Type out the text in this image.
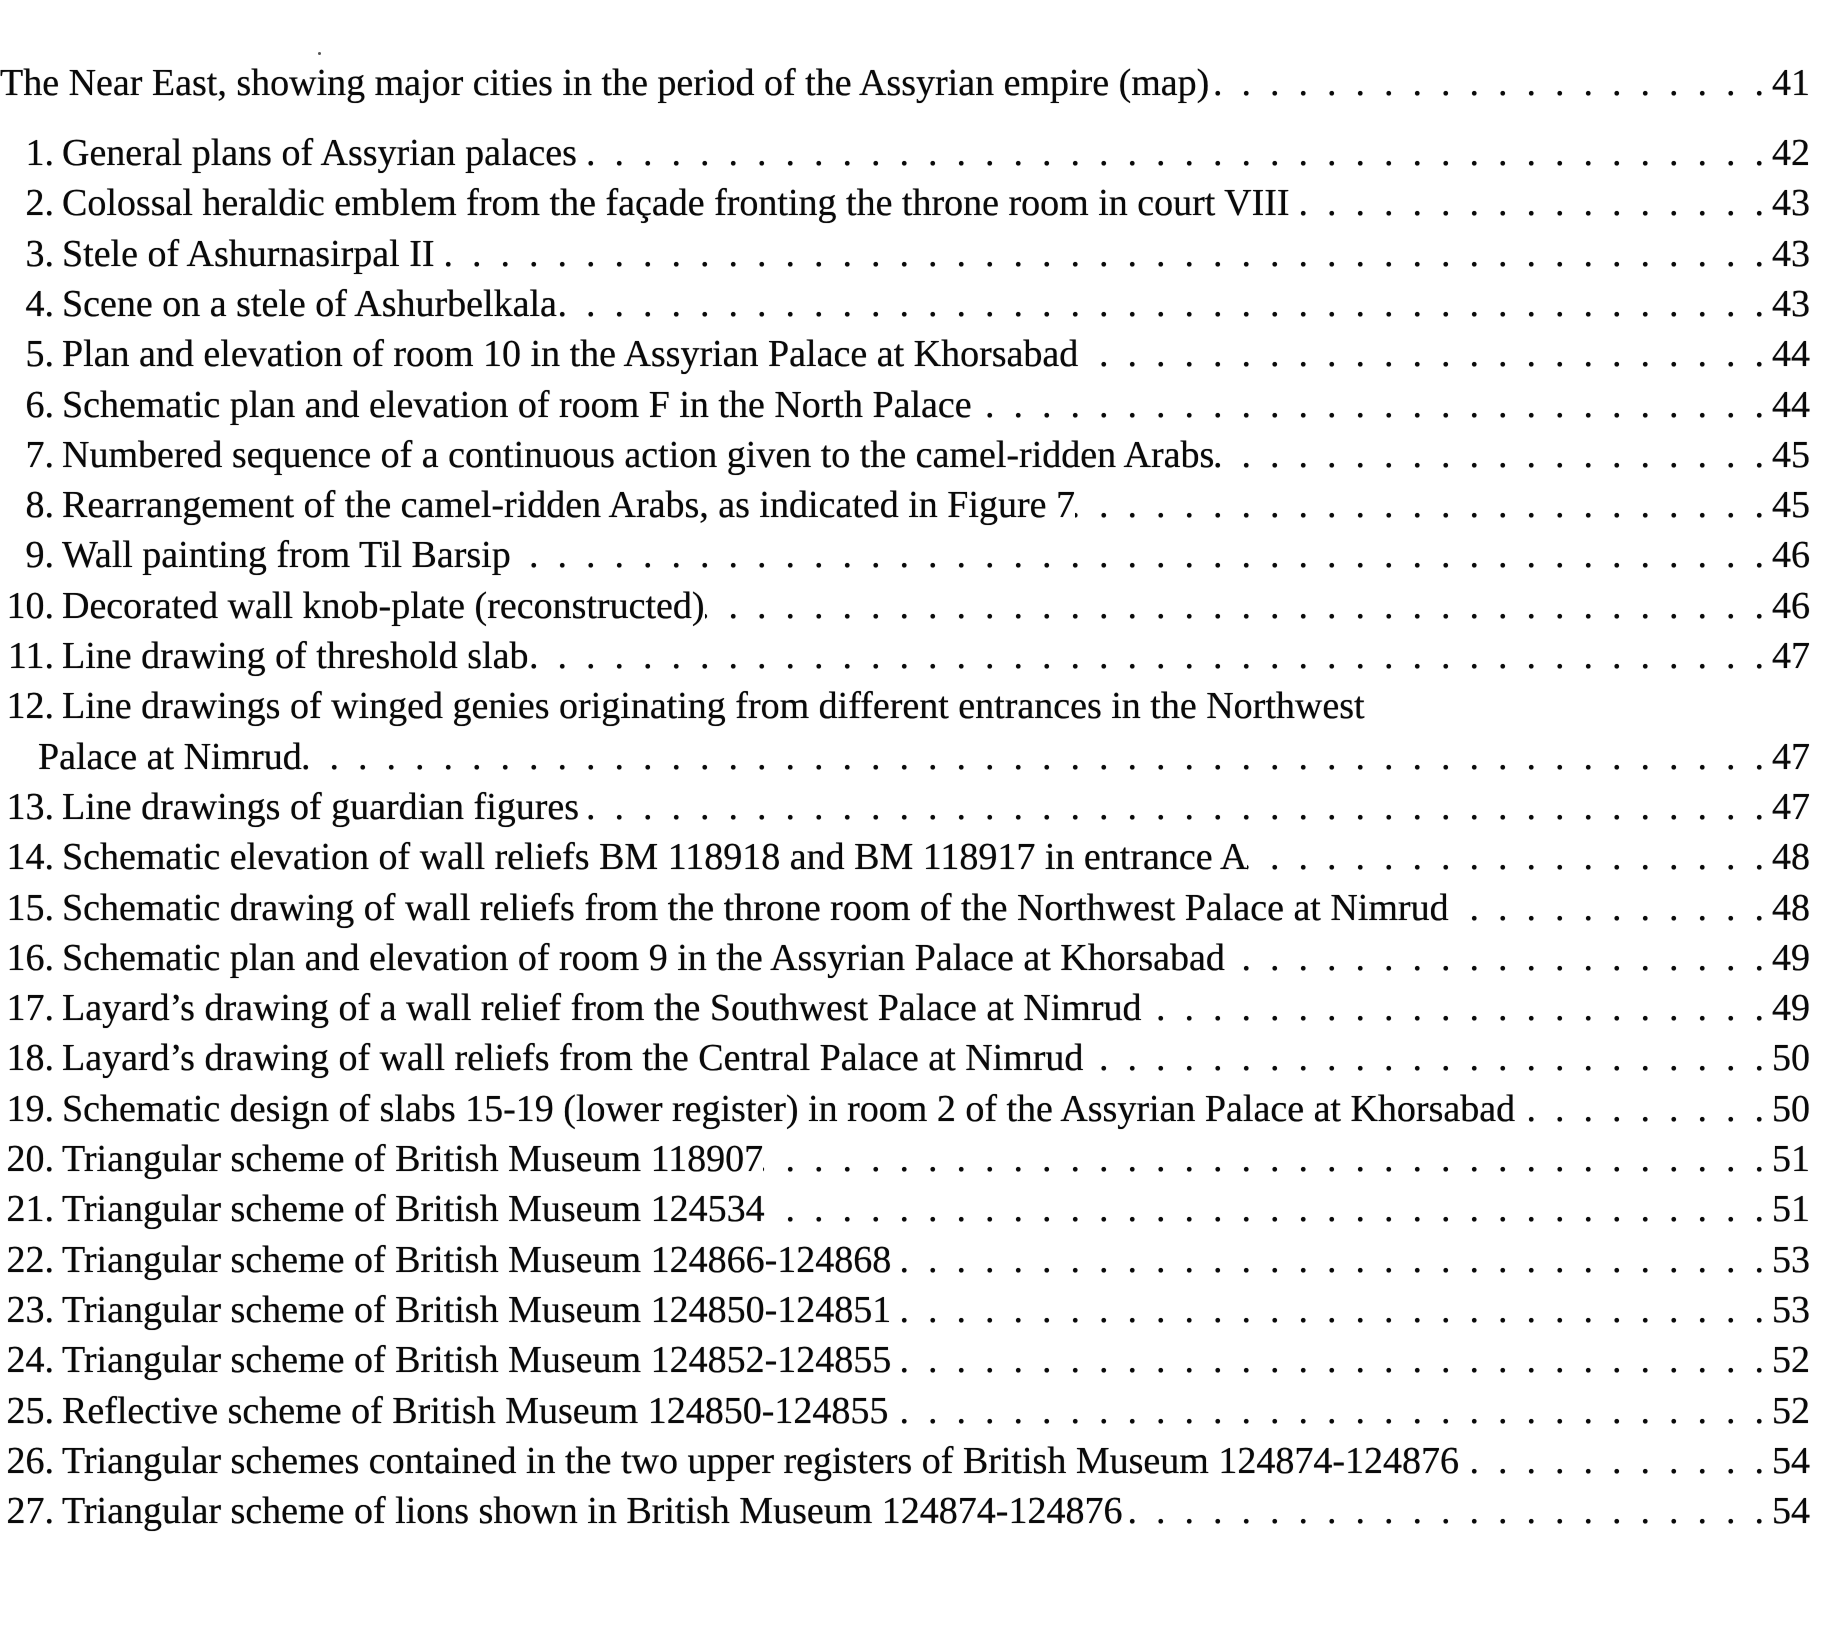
The Near East, showing major cities in the period of the Assyrian empire (map) .  .	41
1. General plans of Assyrian palaces .  .	42
2. Colossal heraldic emblem from the façade fronting the throne room in court VIII .  .	43
3. Stele of Ashurnasirpal II .  .	43
4. Scene on a stele of Ashurbelkala .  .	43
5. Plan and elevation of room 10 in the Assyrian Palace at Khorsabad .  .	44
6. Schematic plan and elevation of room F in the North Palace .  .	44
7. Numbered sequence of a continuous action given to the camel-ridden Arabs .  .	45
8. Rearrangement of the camel-ridden Arabs, as indicated in Figure 7 .  .	45
9. Wall painting from Til Barsip .  .	46
10. Decorated wall knob-plate (reconstructed) .  .	46
11. Line drawing of threshold slab .  .	47
12. Line drawings of winged genies originating from different entrances in the Northwest
Palace at Nimrud .  .	47
13. Line drawings of guardian figures .  .	47
14. Schematic elevation of wall reliefs BM 118918 and BM 118917 in entrance A .  .	48
15. Schematic drawing of wall reliefs from the throne room of the Northwest Palace at Nimrud .  .	48
16. Schematic plan and elevation of room 9 in the Assyrian Palace at Khorsabad .  .	49
17. Layard’s drawing of a wall relief from the Southwest Palace at Nimrud .  .	49
18. Layard’s drawing of wall reliefs from the Central Palace at Nimrud .  .	50
19. Schematic design of slabs 15-19 (lower register) in room 2 of the Assyrian Palace at Khorsabad .  .	50
20. Triangular scheme of British Museum 118907 .  .	51
21. Triangular scheme of British Museum 124534 .  .	51
22. Triangular scheme of British Museum 124866-124868 .  .	53
23. Triangular scheme of British Museum 124850-124851 .  .	53
24. Triangular scheme of British Museum 124852-124855 .  .	52
25. Reflective scheme of British Museum 124850-124855 .  .	52
26. Triangular schemes contained in the two upper registers of British Museum 124874-124876 .  .	54
27. Triangular scheme of lions shown in British Museum 124874-124876 .  .	54
